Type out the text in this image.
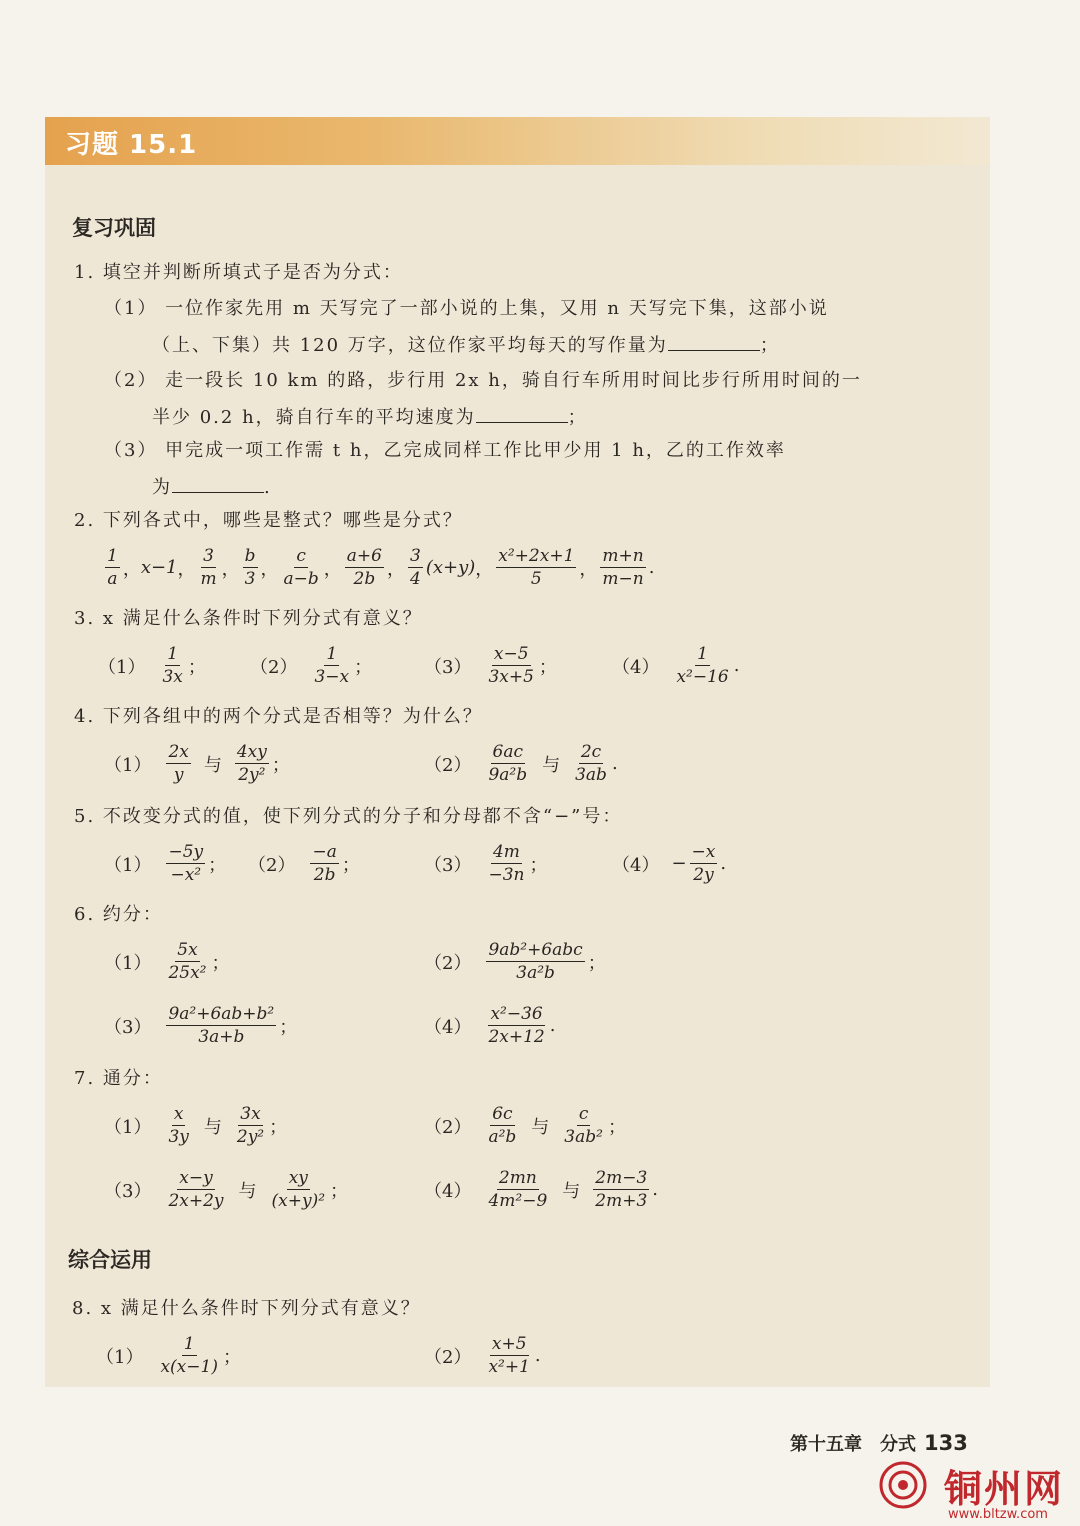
习题 15.1
复习巩固
1. 填空并判断所填式子是否为分式：
（1） 一位作家先用 m 天写完了一部小说的上集，又用 n 天写完下集，这部小说
（上、下集）共 120 万字，这位作家平均每天的写作量为	；
（2） 走一段长 10 km 的路，步行用 2x h，骑自行车所用时间比步行所用时间的一
半少 0.2 h，骑自行车的平均速度为	；
（3） 甲完成一项工作需 t h，乙完成同样工作比甲少用 1 h，乙的工作效率
为	.
2. 下列各式中，哪些是整式？哪些是分式？
$\frac{1}{a}$ ， x−1 ， $\frac{3}{m}$ ， $\frac{b}{3}$ ， $\frac{c}{a-b}$ ， $\frac{a+6}{2b}$ ， $\frac{3}{4} (x+y)$ ， $\frac{\text{x²+2x+1}}{5}$ ， $\frac{m+n}{m-n}$ .
3. x 满足什么条件时下列分式有意义？
$(1) \frac{1}{3x}$ ； $(2) \frac{1}{3-x}$ ；	$(3) \frac{x-5}{3x+5}$ ；	$(4) \frac{1}{\text{x²−16}}$ .
4. 下列各组中的两个分式是否相等？为什么？
$(1) \frac{2x}{y}$ 与 $\frac{4xy}{\text{2y²}}$ ；	$(2) \frac{6ac}{\text{9a²b}}$ 与 $\frac{2c}{3ab}$ .
5. 不改变分式的值，使下列分式的分子和分母都不含“−”号：
$(1) \frac{-5y}{\text{−x²}}$ ； $(2) \frac{-a}{2b}$ ；	$(3) \frac{4m}{-3n}$ ；	$(4) - \frac{-x}{2y}$ .
6. 约分：
$(1) \frac{5x}{\text{25x²}}$ ；	$(2) \frac{\text{9ab²+6abc}}{\text{3a²b}}$ ；
$(3) \frac{\text{9a²+6ab+b²}}{3a+b}$ ；	$(4) \frac{\text{x²−36}}{2x+12}$ .
7. 通分：
$(1) \frac{x}{3y}$ 与 $\frac{3x}{\text{2y²}}$ ；	$(2) \frac{6c}{\text{a²b}}$ 与 $\frac{c}{\text{3ab²}}$ ；
$(3) \frac{x-y}{2x+2y}$ 与 $\frac{xy}{\text{(x+y)²}}$ ；	$(4) \frac{2mn}{\text{4m²−9}}$ 与 $\frac{2m-3}{2m+3}$ .
综合运用
8. x 满足什么条件时下列分式有意义？
$(1) \frac{1}{x(x-1)}$ ；	$(2) \frac{x+5}{\text{x²+1}}$ .
第十五章　分式 133
铜州网
www.bltzw.com
